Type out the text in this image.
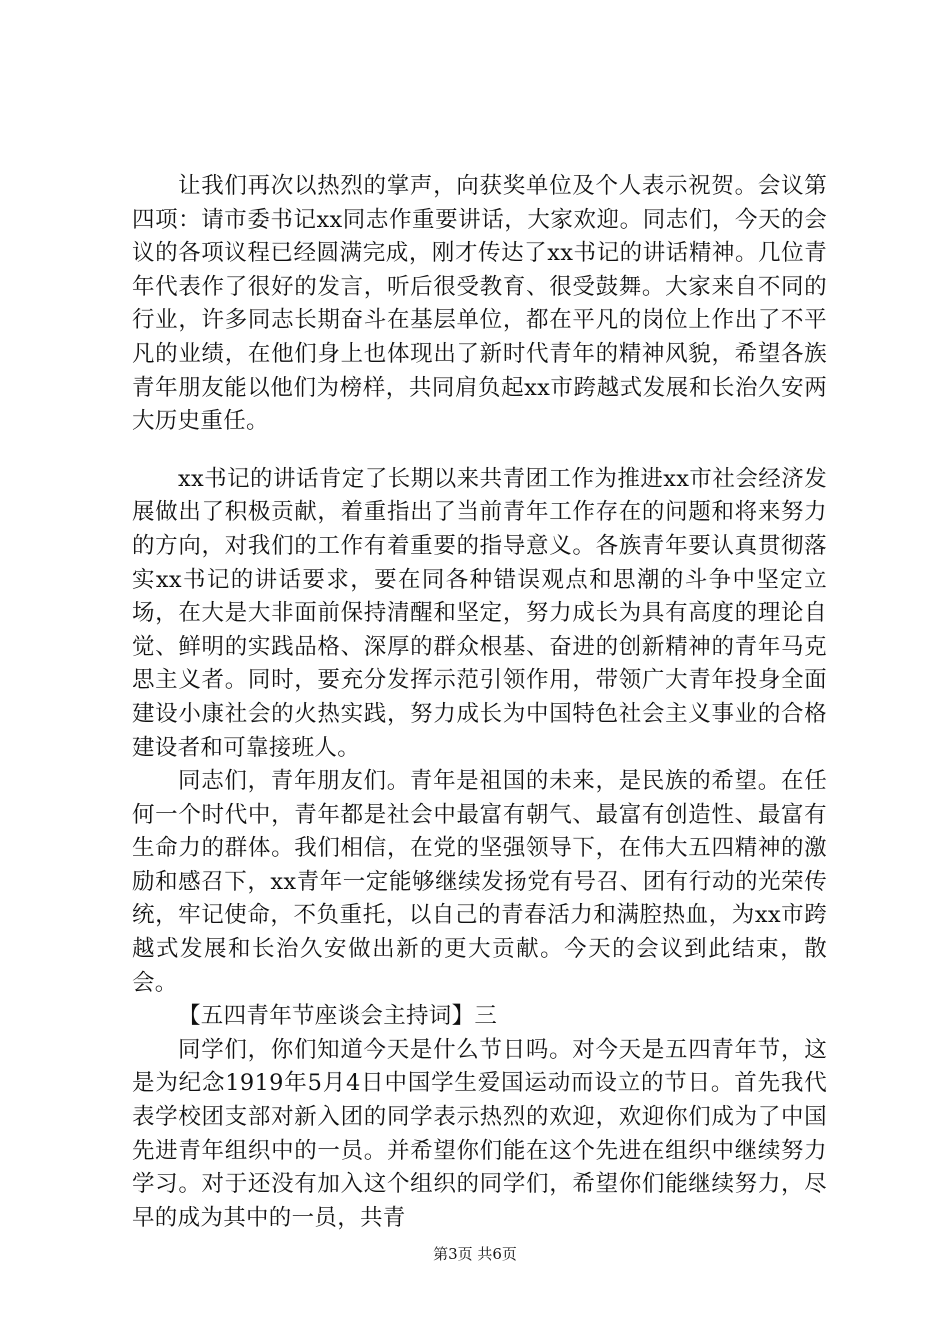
让我们再次以热烈的掌声，向获奖单位及个人表示祝贺。会议第四项：请市委书记xx同志作重要讲话，大家欢迎。同志们，今天的会议的各项议程已经圆满完成，刚才传达了xx书记的讲话精神。几位青年代表作了很好的发言，听后很受教育、很受鼓舞。大家来自不同的行业，许多同志长期奋斗在基层单位，都在平凡的岗位上作出了不平凡的业绩，在他们身上也体现出了新时代青年的精神风貌，希望各族青年朋友能以他们为榜样，共同肩负起xx市跨越式发展和长治久安两大历史重任。

xx书记的讲话肯定了长期以来共青团工作为推进xx市社会经济发展做出了积极贡献，着重指出了当前青年工作存在的问题和将来努力的方向，对我们的工作有着重要的指导意义。各族青年要认真贯彻落实xx书记的讲话要求，要在同各种错误观点和思潮的斗争中坚定立场，在大是大非面前保持清醒和坚定，努力成长为具有高度的理论自觉、鲜明的实践品格、深厚的群众根基、奋进的创新精神的青年马克思主义者。同时，要充分发挥示范引领作用，带领广大青年投身全面建设小康社会的火热实践，努力成长为中国特色社会主义事业的合格建设者和可靠接班人。

同志们，青年朋友们。青年是祖国的未来，是民族的希望。在任何一个时代中，青年都是社会中最富有朝气、最富有创造性、最富有生命力的群体。我们相信，在党的坚强领导下，在伟大五四精神的激励和感召下，xx青年一定能够继续发扬党有号召、团有行动的光荣传统，牢记使命，不负重托，以自己的青春活力和满腔热血，为xx市跨越式发展和长治久安做出新的更大贡献。今天的会议到此结束，散会。

【五四青年节座谈会主持词】三

同学们，你们知道今天是什么节日吗。对今天是五四青年节，这是为纪念1919年5月4日中国学生爱国运动而设立的节日。首先我代表学校团支部对新入团的同学表示热烈的欢迎，欢迎你们成为了中国先进青年组织中的一员。并希望你们能在这个先进在组织中继续努力学习。对于还没有加入这个组织的同学们，希望你们能继续努力，尽早的成为其中的一员，共青

第3页 共6页
